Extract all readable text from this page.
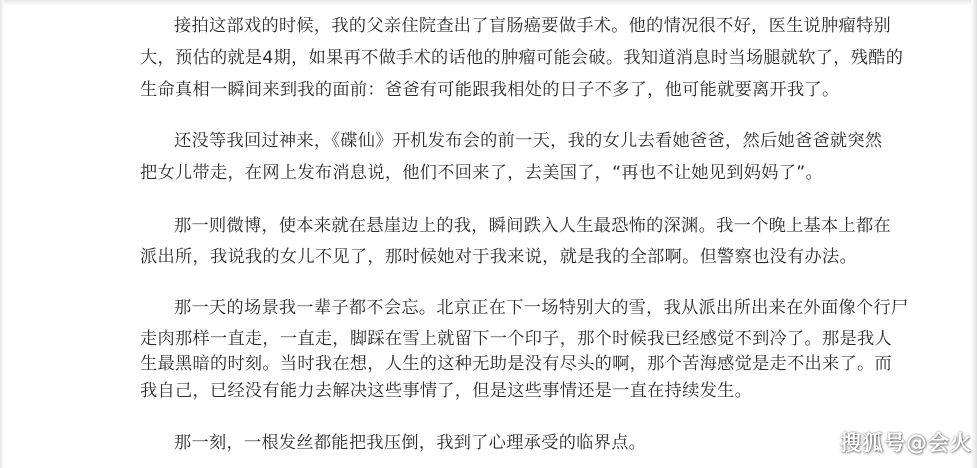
接拍这部戏的时候，我的父亲住院查出了盲肠癌要做手术。他的情况很不好，医生说肿瘤特别

大，预估的就是4期，如果再不做手术的话他的肿瘤可能会破。我知道消息时当场腿就软了，残酷的

生命真相一瞬间来到我的面前：爸爸有可能跟我相处的日子不多了，他可能就要离开我了。

还没等我回过神来，《碟仙》开机发布会的前一天，我的女儿去看她爸爸，然后她爸爸就突然

把女儿带走，在网上发布消息说，他们不回来了，去美国了，“再也不让她见到妈妈了”。

那一则微博，使本来就在悬崖边上的我，瞬间跌入人生最恐怖的深渊。我一个晚上基本上都在

派出所，我说我的女儿不见了，那时候她对于我来说，就是我的全部啊。但警察也没有办法。

那一天的场景我一辈子都不会忘。北京正在下一场特别大的雪，我从派出所出来在外面像个行尸

走肉那样一直走，一直走，脚踩在雪上就留下一个印子，那个时候我已经感觉不到冷了。那是我人

生最黑暗的时刻。当时我在想，人生的这种无助是没有尽头的啊，那个苦海感觉是走不出来了。而

我自己，已经没有能力去解决这些事情了，但是这些事情还是一直在持续发生。

那一刻，一根发丝都能把我压倒，我到了心理承受的临界点。	搜狐号@会火
